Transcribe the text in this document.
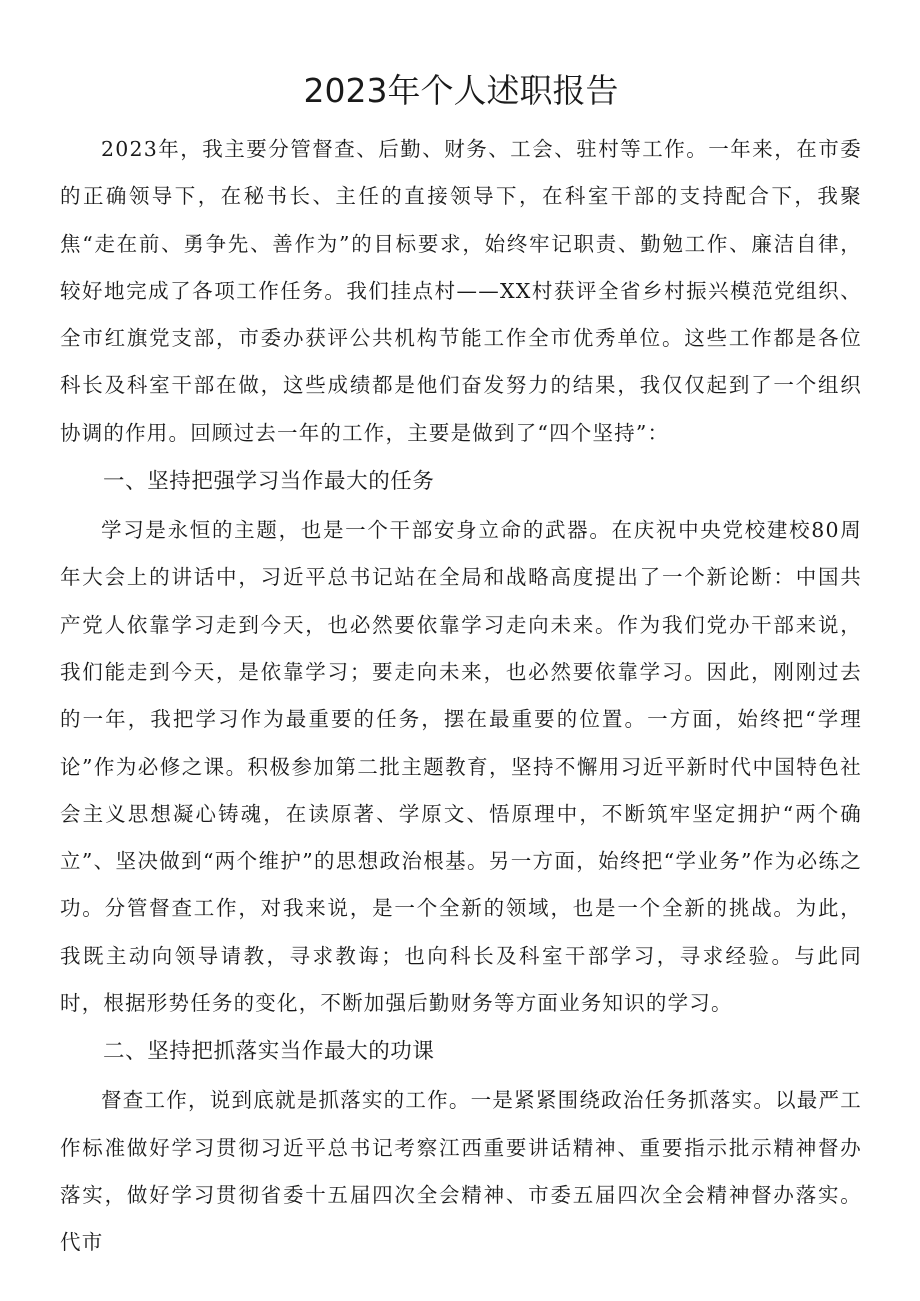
2023年个人述职报告

2023年，我主要分管督查、后勤、财务、工会、驻村等工作。一年来，在市委的正确领导下，在秘书长、主任的直接领导下，在科室干部的支持配合下，我聚焦“走在前、勇争先、善作为”的目标要求，始终牢记职责、勤勉工作、廉洁自律，较好地完成了各项工作任务。我们挂点村——XX村获评全省乡村振兴模范党组织、全市红旗党支部，市委办获评公共机构节能工作全市优秀单位。这些工作都是各位科长及科室干部在做，这些成绩都是他们奋发努力的结果，我仅仅起到了一个组织协调的作用。回顾过去一年的工作，主要是做到了“四个坚持”：

一、坚持把强学习当作最大的任务

学习是永恒的主题，也是一个干部安身立命的武器。在庆祝中央党校建校80周年大会上的讲话中，习近平总书记站在全局和战略高度提出了一个新论断：中国共产党人依靠学习走到今天，也必然要依靠学习走向未来。作为我们党办干部来说，我们能走到今天，是依靠学习；要走向未来，也必然要依靠学习。因此，刚刚过去的一年，我把学习作为最重要的任务，摆在最重要的位置。一方面，始终把“学理论”作为必修之课。积极参加第二批主题教育，坚持不懈用习近平新时代中国特色社会主义思想凝心铸魂，在读原著、学原文、悟原理中，不断筑牢坚定拥护“两个确立”、坚决做到“两个维护”的思想政治根基。另一方面，始终把“学业务”作为必练之功。分管督查工作，对我来说，是一个全新的领域，也是一个全新的挑战。为此，我既主动向领导请教，寻求教诲；也向科长及科室干部学习，寻求经验。与此同时，根据形势任务的变化，不断加强后勤财务等方面业务知识的学习。

二、坚持把抓落实当作最大的功课

督查工作，说到底就是抓落实的工作。一是紧紧围绕政治任务抓落实。以最严工作标准做好学习贯彻习近平总书记考察江西重要讲话精神、重要指示批示精神督办落实，做好学习贯彻省委十五届四次全会精神、市委五届四次全会精神督办落实。代市
